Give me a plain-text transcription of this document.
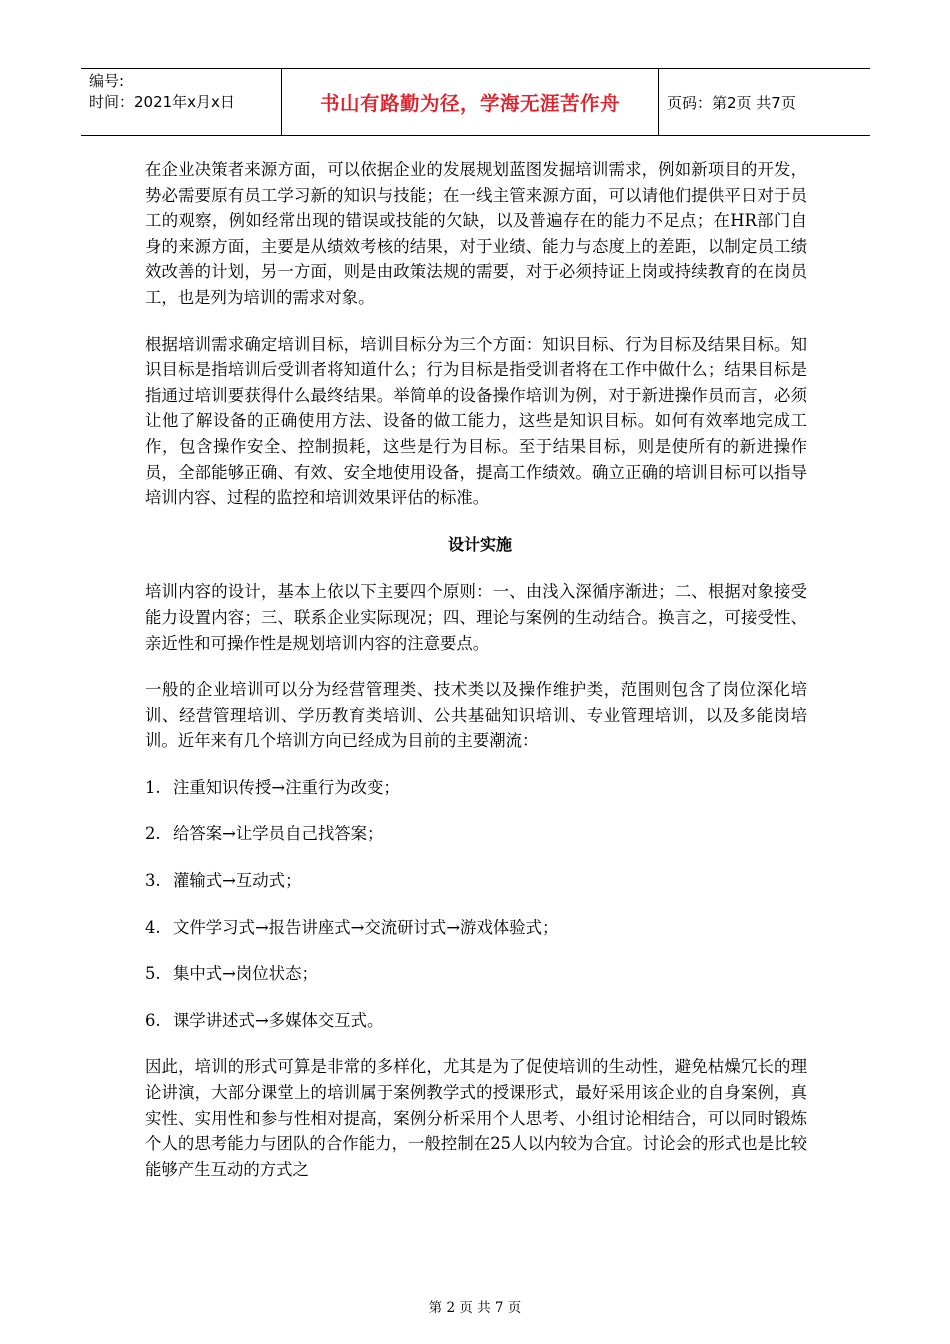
编号:
时间：2021年x月x日	书山有路勤为径，学海无涯苦作舟	页码：第2页 共7页

在企业决策者来源方面，可以依据企业的发展规划蓝图发掘培训需求，例如新项目的开发，势必需要原有员工学习新的知识与技能；在一线主管来源方面，可以请他们提供平日对于员工的观察，例如经常出现的错误或技能的欠缺，以及普遍存在的能力不足点；在HR部门自身的来源方面，主要是从绩效考核的结果，对于业绩、能力与态度上的差距，以制定员工绩效改善的计划，另一方面，则是由政策法规的需要，对于必须持证上岗或持续教育的在岗员工，也是列为培训的需求对象。

根据培训需求确定培训目标，培训目标分为三个方面：知识目标、行为目标及结果目标。知识目标是指培训后受训者将知道什么；行为目标是指受训者将在工作中做什么；结果目标是指通过培训要获得什么最终结果。举简单的设备操作培训为例，对于新进操作员而言，必须让他了解设备的正确使用方法、设备的做工能力，这些是知识目标。如何有效率地完成工作，包含操作安全、控制损耗，这些是行为目标。至于结果目标，则是使所有的新进操作员，全部能够正确、有效、安全地使用设备，提高工作绩效。确立正确的培训目标可以指导培训内容、过程的监控和培训效果评估的标准。

设计实施

培训内容的设计，基本上依以下主要四个原则：一、由浅入深循序渐进；二、根据对象接受能力设置内容；三、联系企业实际现况；四、理论与案例的生动结合。换言之，可接受性、亲近性和可操作性是规划培训内容的注意要点。

一般的企业培训可以分为经营管理类、技术类以及操作维护类，范围则包含了岗位深化培训、经营管理培训、学历教育类培训、公共基础知识培训、专业管理培训，以及多能岗培训。近年来有几个培训方向已经成为目前的主要潮流：

1. 注重知识传授→注重行为改变；
2. 给答案→让学员自己找答案；
3. 灌输式→互动式；
4. 文件学习式→报告讲座式→交流研讨式→游戏体验式；
5. 集中式→岗位状态；
6. 课学讲述式→多媒体交互式。

因此，培训的形式可算是非常的多样化，尤其是为了促使培训的生动性，避免枯燥冗长的理论讲演，大部分课堂上的培训属于案例教学式的授课形式，最好采用该企业的自身案例，真实性、实用性和参与性相对提高，案例分析采用个人思考、小组讨论相结合，可以同时锻炼个人的思考能力与团队的合作能力，一般控制在25人以内较为合宜。讨论会的形式也是比较能够产生互动的方式之

第 2 页 共 7 页
